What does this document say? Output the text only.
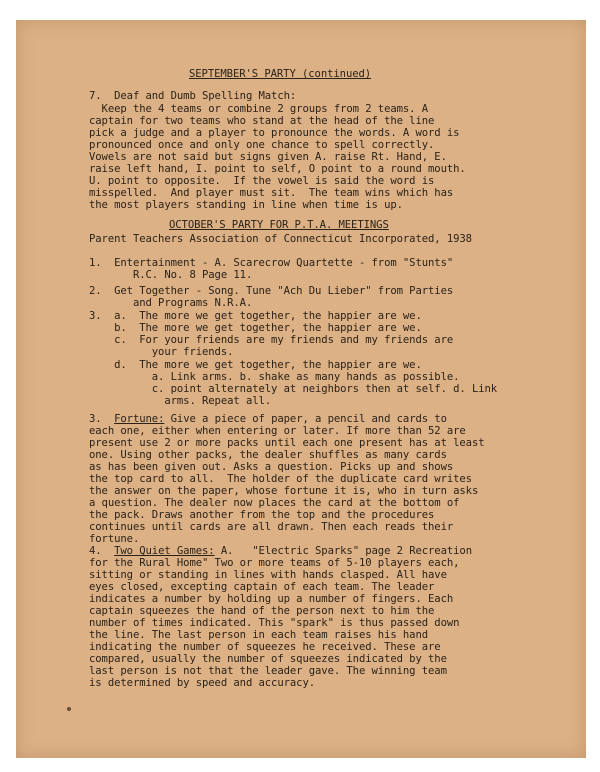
SEPTEMBER'S PARTY (continued)
7.  Deaf and Dumb Spelling Match:
Keep the 4 teams or combine 2 groups from 2 teams. A
captain for two teams who stand at the head of the line
pick a judge and a player to pronounce the words. A word is
pronounced once and only one chance to spell correctly.
Vowels are not said but signs given A. raise Rt. Hand, E.
raise left hand, I. point to self, O point to a round mouth.
U. point to opposite.  If the vowel is said the word is
misspelled.  And player must sit.  The team wins which has
the most players standing in line when time is up.
OCTOBER'S PARTY FOR P.T.A. MEETINGS
Parent Teachers Association of Connecticut Incorporated, 1938
1.  Entertainment - A. Scarecrow Quartette - from "Stunts"
R.C. No. 8 Page 11.
2.  Get Together - Song. Tune "Ach Du Lieber" from Parties
and Programs N.R.A.
3.  a.  The more we get together, the happier are we.
b.  The more we get together, the happier are we.
c.  For your friends are my friends and my friends are
your friends.
d.  The more we get together, the happier are we.
a. Link arms. b. shake as many hands as possible.
c. point alternately at neighbors then at self. d. Link
arms. Repeat all.
3.  Fortune: Give a piece of paper, a pencil and cards to
each one, either when entering or later. If more than 52 are
present use 2 or more packs until each one present has at least
one. Using other packs, the dealer shuffles as many cards
as has been given out. Asks a question. Picks up and shows
the top card to all.  The holder of the duplicate card writes
the answer on the paper, whose fortune it is, who in turn asks
a question. The dealer now places the card at the bottom of
the pack. Draws another from the top and the procedures
continues until cards are all drawn. Then each reads their
fortune.
4.  Two Quiet Games: A.   "Electric Sparks" page 2 Recreation
for the Rural Home" Two or more teams of 5-10 players each,
sitting or standing in lines with hands clasped. All have
eyes closed, excepting captain of each team. The leader
indicates a number by holding up a number of fingers. Each
captain squeezes the hand of the person next to him the
number of times indicated. This "spark" is thus passed down
the line. The last person in each team raises his hand
indicating the number of squeezes he received. These are
compared, usually the number of squeezes indicated by the
last person is not that the leader gave. The winning team
is determined by speed and accuracy.
